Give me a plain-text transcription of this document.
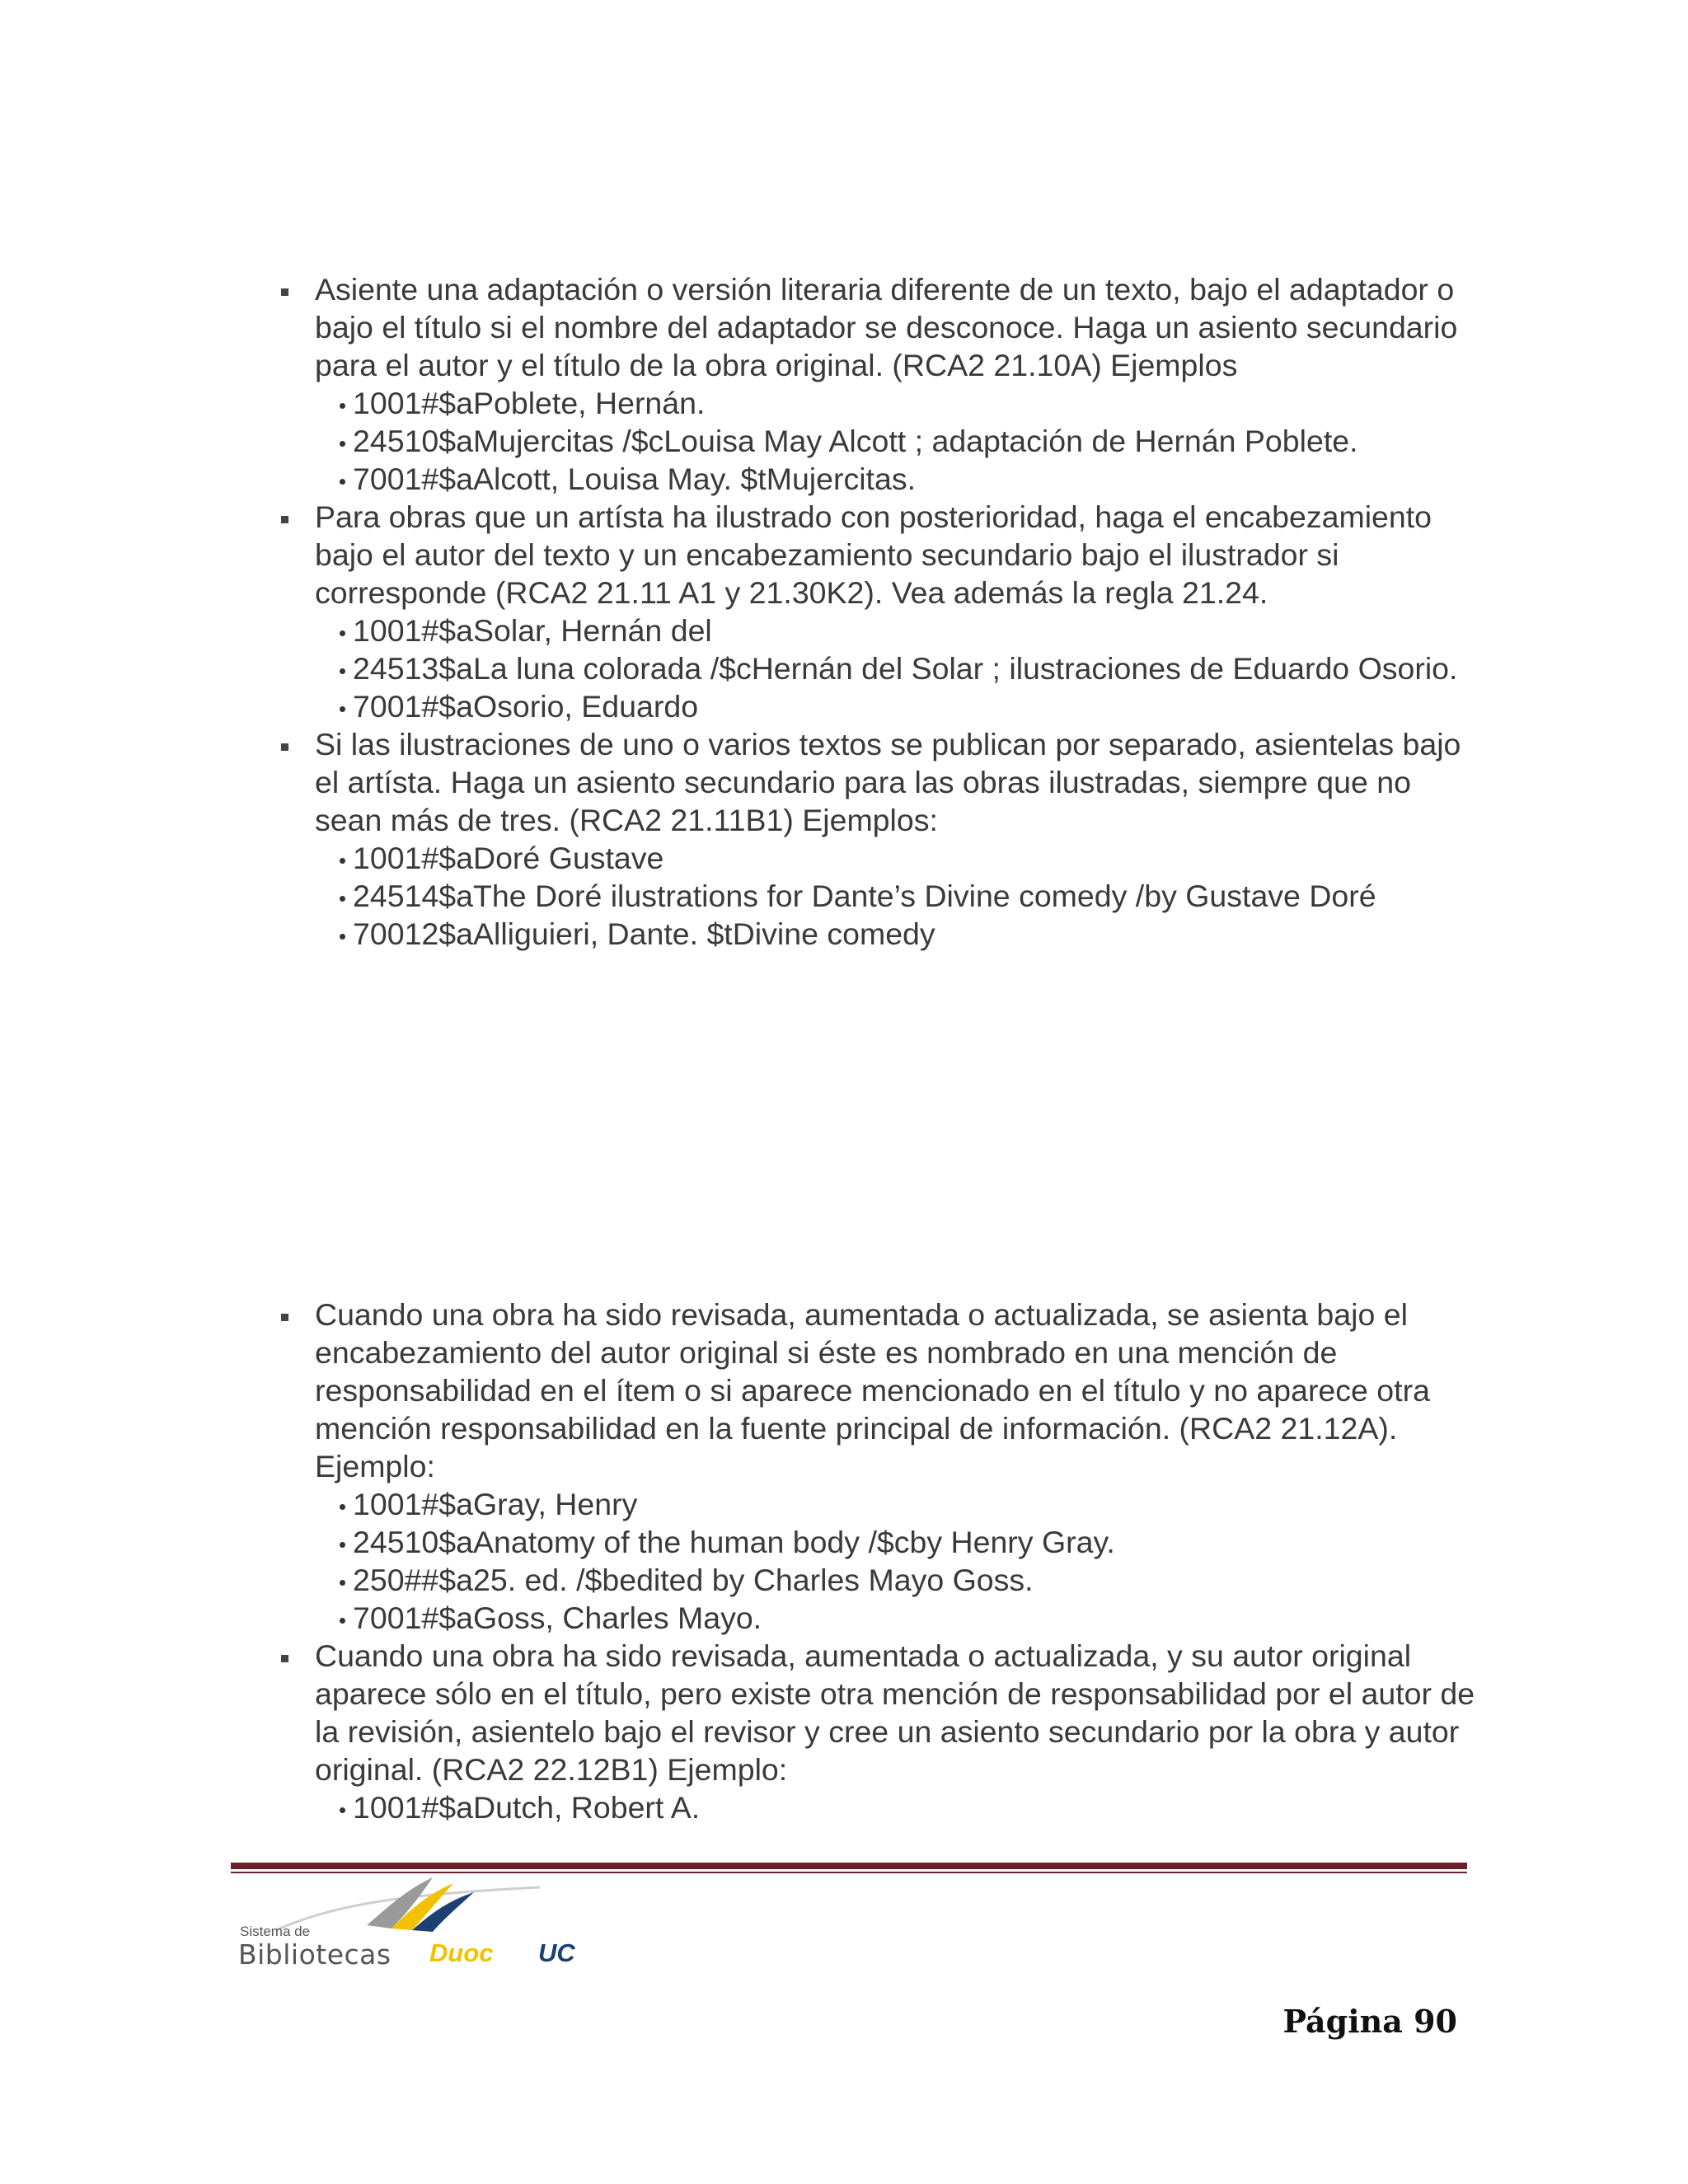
Asiente una adaptación o versión literaria diferente de un texto, bajo el adaptador o bajo el título si el nombre del adaptador se desconoce. Haga un asiento secundario para el autor y el título de la obra original. (RCA2 21.10A) Ejemplos
1001#$aPoblete, Hernán.
24510$aMujercitas /$cLouisa May Alcott ; adaptación de Hernán Poblete.
7001#$aAlcott, Louisa May. $tMujercitas.
Para obras que un artísta ha ilustrado con posterioridad, haga el encabezamiento bajo el autor del texto y un encabezamiento secundario bajo el ilustrador si corresponde (RCA2 21.11 A1 y 21.30K2). Vea además la regla 21.24.
1001#$aSolar, Hernán del
24513$aLa luna colorada /$cHernán del Solar ; ilustraciones de Eduardo Osorio.
7001#$aOsorio, Eduardo
Si las ilustraciones de uno o varios textos se publican por separado, asientelas bajo el artísta. Haga un asiento secundario para las obras ilustradas, siempre que no sean más de tres. (RCA2 21.11B1) Ejemplos:
1001#$aDoré Gustave
24514$aThe Doré ilustrations for Dante’s Divine comedy /by Gustave Doré
70012$aAlliguieri, Dante. $tDivine comedy
Cuando una obra ha sido revisada, aumentada o actualizada, se asienta bajo el encabezamiento del autor original si éste es nombrado en una mención de responsabilidad en el ítem o si aparece mencionado en el título y no aparece otra mención responsabilidad en la fuente principal de información. (RCA2 21.12A). Ejemplo:
1001#$aGray, Henry
24510$aAnatomy of the human body /$cby Henry Gray.
250##$a25. ed. /$bedited by Charles Mayo Goss.
7001#$aGoss, Charles Mayo.
Cuando una obra ha sido revisada, aumentada o actualizada, y su autor original aparece sólo en el título, pero existe otra mención de responsabilidad por el autor de la revisión, asientelo bajo el revisor y cree un asiento secundario por la obra y autor original. (RCA2 22.12B1) Ejemplo:
1001#$aDutch, Robert A.
Sistema de
Bibliotecas Duoc UC
Página 90
